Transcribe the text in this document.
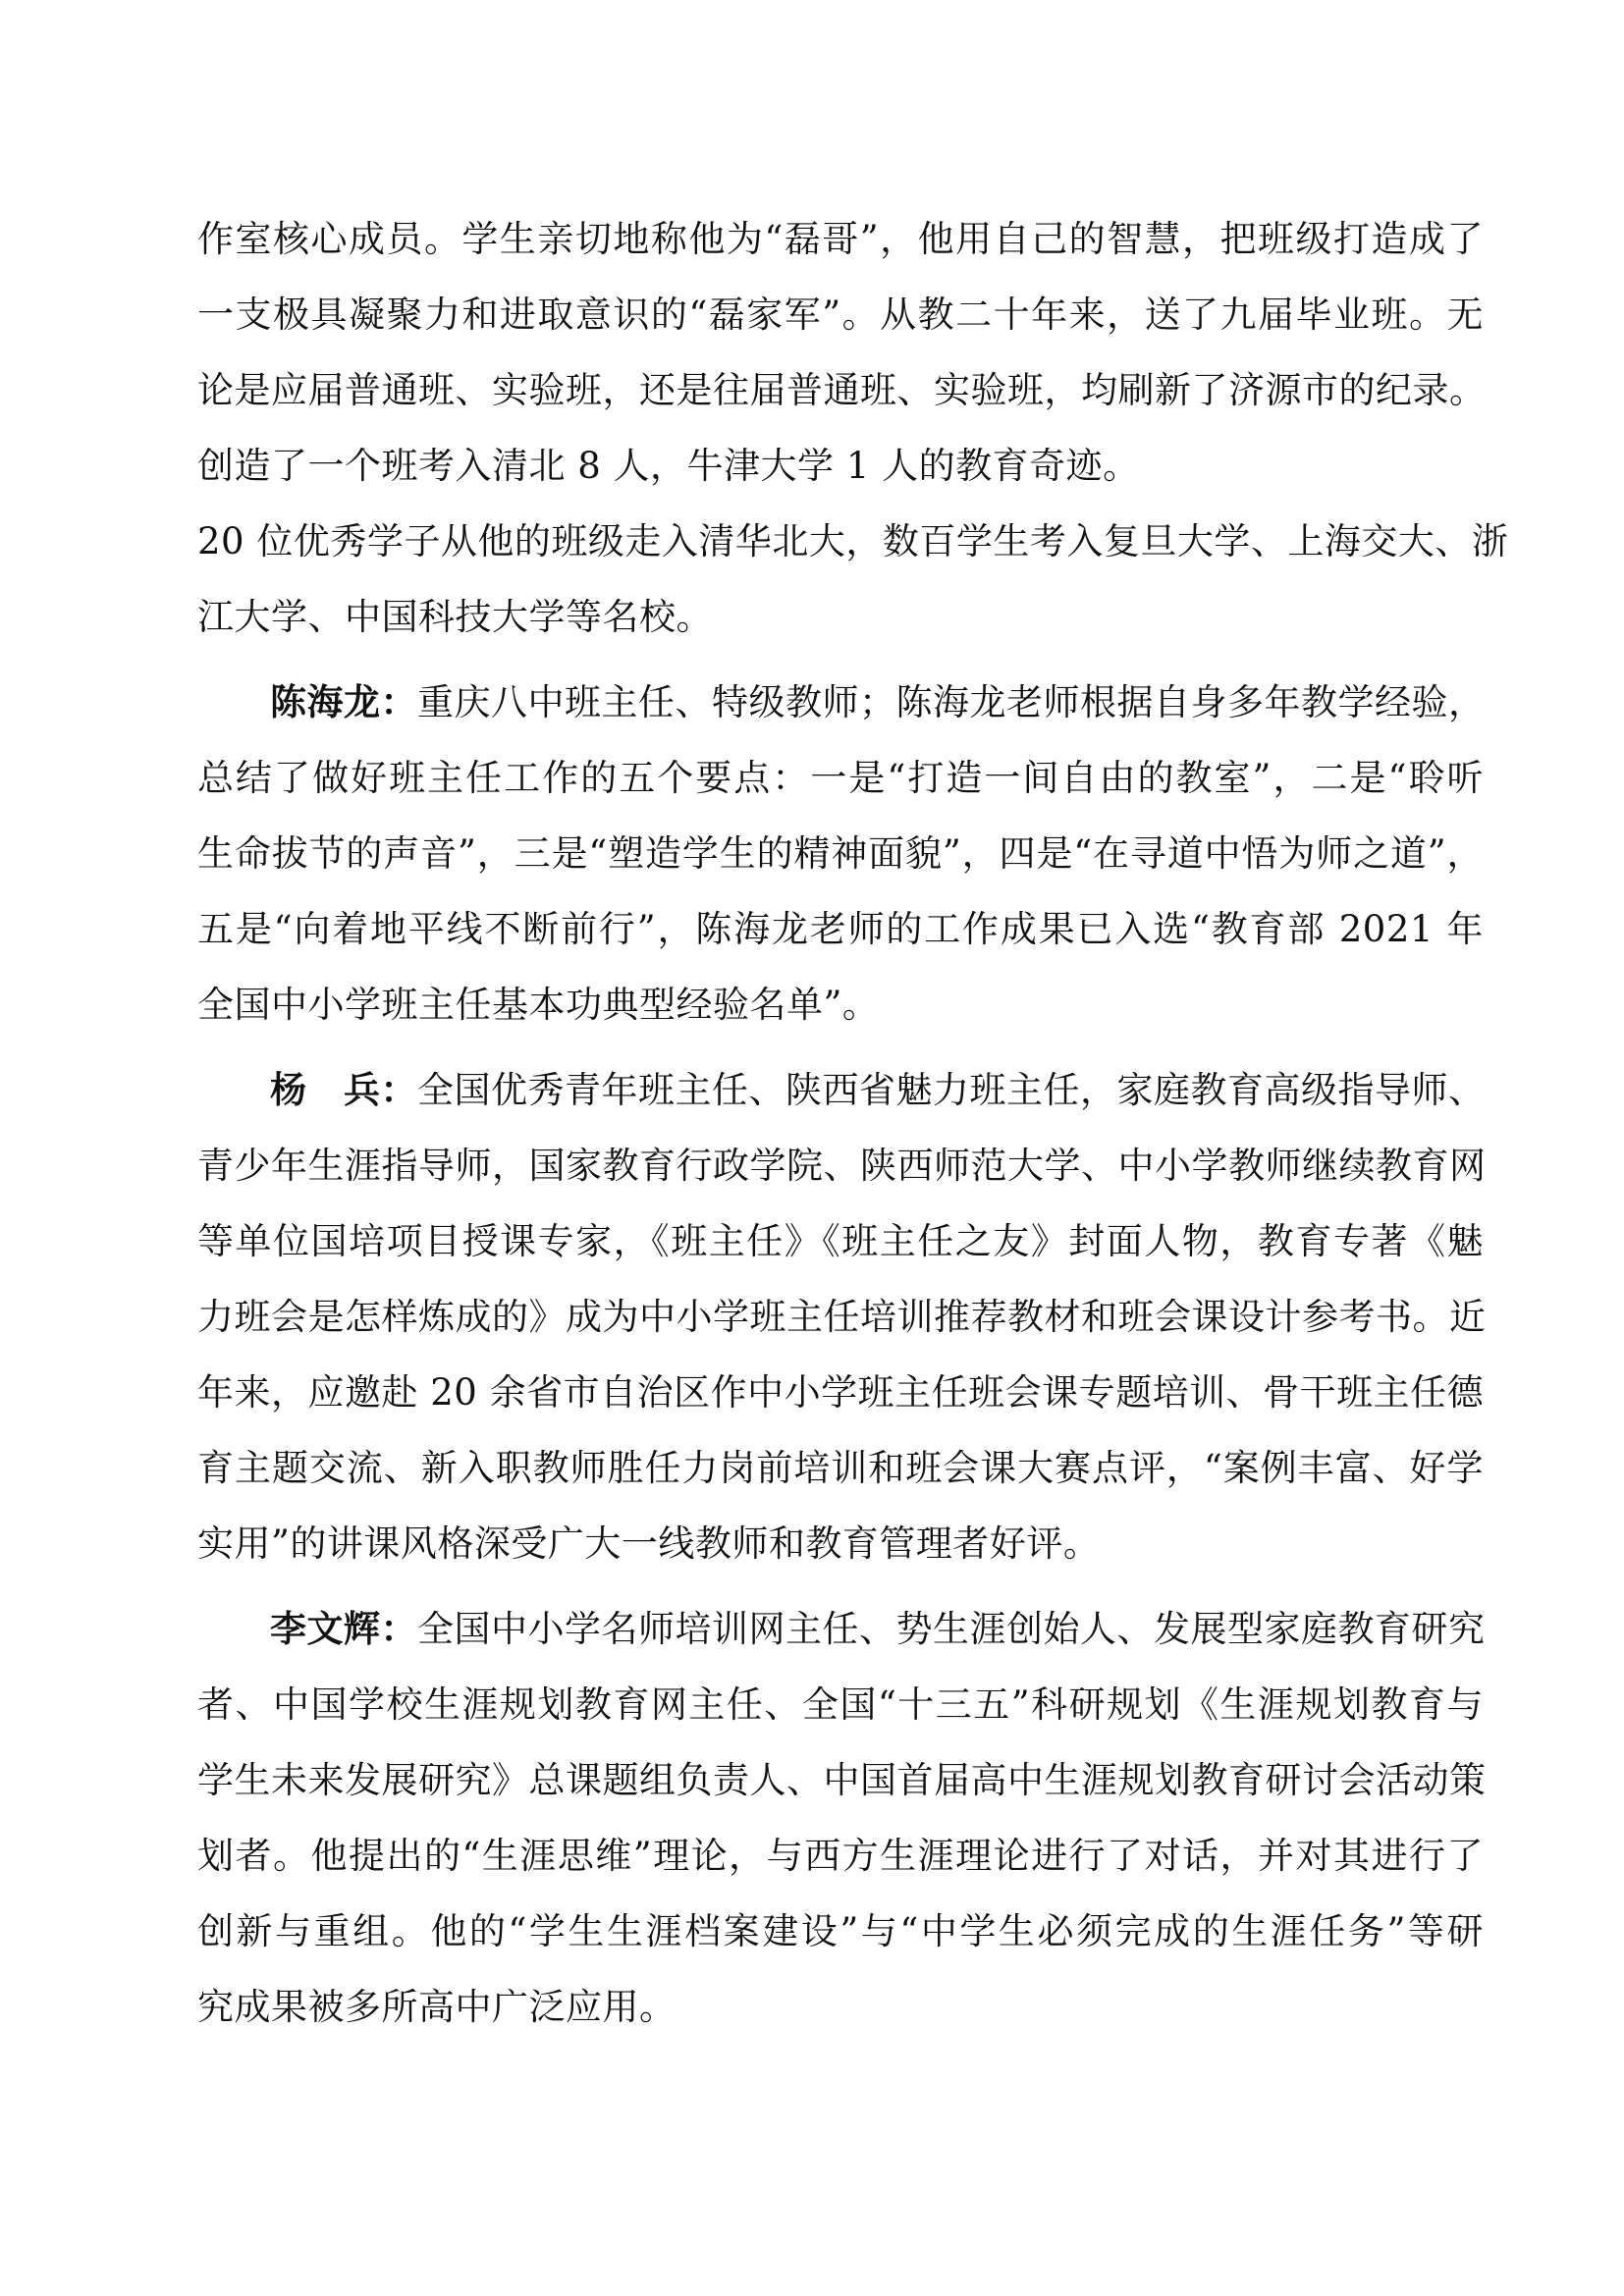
作室核心成员。学生亲切地称他为“磊哥”，他用自己的智慧，把班级打造成了
一支极具凝聚力和进取意识的“磊家军”。从教二十年来，送了九届毕业班。无
论是应届普通班、实验班，还是往届普通班、实验班，均刷新了济源市的纪录。
创造了一个班考入清北 8 人，牛津大学 1 人的教育奇迹。
20 位优秀学子从他的班级走入清华北大，数百学生考入复旦大学、上海交大、浙
江大学、中国科技大学等名校。
陈海龙：重庆八中班主任、特级教师；陈海龙老师根据自身多年教学经验，
总结了做好班主任工作的五个要点：一是“打造一间自由的教室”，二是“聆听
生命拔节的声音”，三是“塑造学生的精神面貌”，四是“在寻道中悟为师之道”，
五是“向着地平线不断前行”，陈海龙老师的工作成果已入选“教育部 2021 年
全国中小学班主任基本功典型经验名单”。
杨　兵：全国优秀青年班主任、陕西省魅力班主任，家庭教育高级指导师、
青少年生涯指导师，国家教育行政学院、陕西师范大学、中小学教师继续教育网
等单位国培项目授课专家，《班主任》《班主任之友》封面人物，教育专著《魅
力班会是怎样炼成的》成为中小学班主任培训推荐教材和班会课设计参考书。近
年来，应邀赴 20 余省市自治区作中小学班主任班会课专题培训、骨干班主任德
育主题交流、新入职教师胜任力岗前培训和班会课大赛点评，“案例丰富、好学
实用”的讲课风格深受广大一线教师和教育管理者好评。
李文辉：全国中小学名师培训网主任、势生涯创始人、发展型家庭教育研究
者、中国学校生涯规划教育网主任、全国“十三五”科研规划《生涯规划教育与
学生未来发展研究》总课题组负责人、中国首届高中生涯规划教育研讨会活动策
划者。他提出的“生涯思维”理论，与西方生涯理论进行了对话，并对其进行了
创新与重组。他的“学生生涯档案建设”与“中学生必须完成的生涯任务”等研
究成果被多所高中广泛应用。
